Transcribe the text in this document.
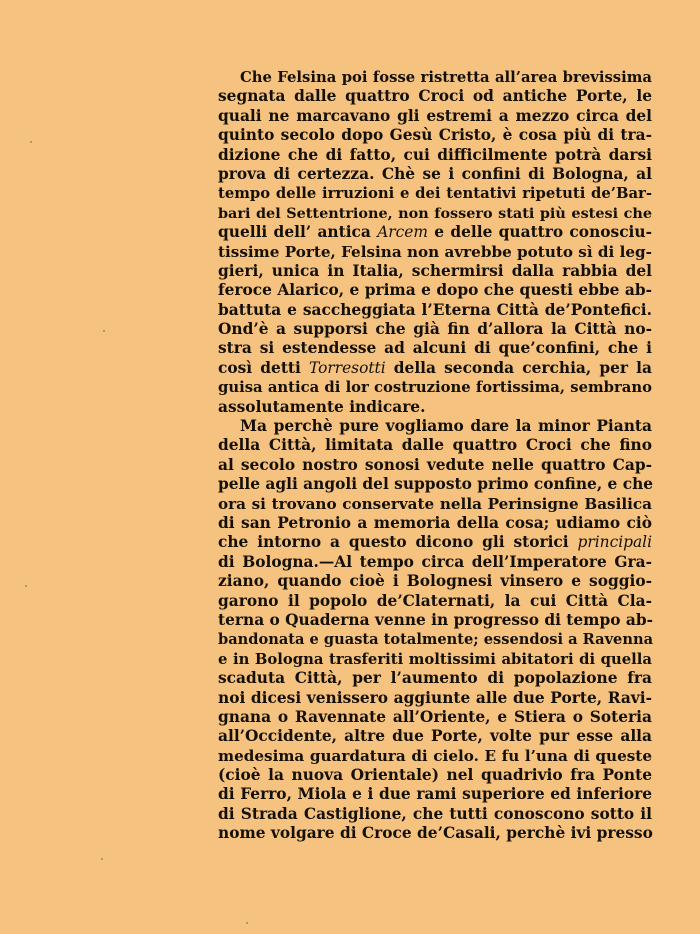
Che Felsina poi fosse ristretta all’area brevissima
segnata dalle quattro Croci od antiche Porte, le
quali ne marcavano gli estremi a mezzo circa del
quinto secolo dopo Gesù Cristo, è cosa più di tra-
dizione che di fatto, cui difficilmente potrà darsi
prova di certezza. Chè se i confini di Bologna, al
tempo delle irruzioni e dei tentativi ripetuti de’Bar-
bari del Settentrione, non fossero stati più estesi che
quelli dell’ antica Arcem e delle quattro conosciu-
tissime Porte, Felsina non avrebbe potuto sì di leg-
gieri, unica in Italia, schermirsi dalla rabbia del
feroce Alarico, e prima e dopo che questi ebbe ab-
battuta e saccheggiata l’Eterna Città de’Pontefici.
Ond’è a supporsi che già fin d’allora la Città no-
stra si estendesse ad alcuni di que’confini, che i
così detti Torresotti della seconda cerchia, per la
guisa antica di lor costruzione fortissima, sembrano
assolutamente indicare.
Ma perchè pure vogliamo dare la minor Pianta
della Città, limitata dalle quattro Croci che fino
al secolo nostro sonosi vedute nelle quattro Cap-
pelle agli angoli del supposto primo confine, e che
ora si trovano conservate nella Perinsigne Basilica
di san Petronio a memoria della cosa; udiamo ciò
che intorno a questo dicono gli storici principali
di Bologna.—Al tempo circa dell’Imperatore Gra-
ziano, quando cioè i Bolognesi vinsero e soggio-
garono il popolo de’Claternati, la cui Città Cla-
terna o Quaderna venne in progresso di tempo ab-
bandonata e guasta totalmente; essendosi a Ravenna
e in Bologna trasferiti moltissimi abitatori di quella
scaduta Città, per l’aumento di popolazione fra
noi dicesi venissero aggiunte alle due Porte, Ravi-
gnana o Ravennate all’Oriente, e Stiera o Soteria
all’Occidente, altre due Porte, volte pur esse alla
medesima guardatura di cielo. E fu l’una di queste
(cioè la nuova Orientale) nel quadrivio fra Ponte
di Ferro, Miola e i due rami superiore ed inferiore
di Strada Castiglione, che tutti conoscono sotto il
nome volgare di Croce de’Casali, perchè ivi presso
